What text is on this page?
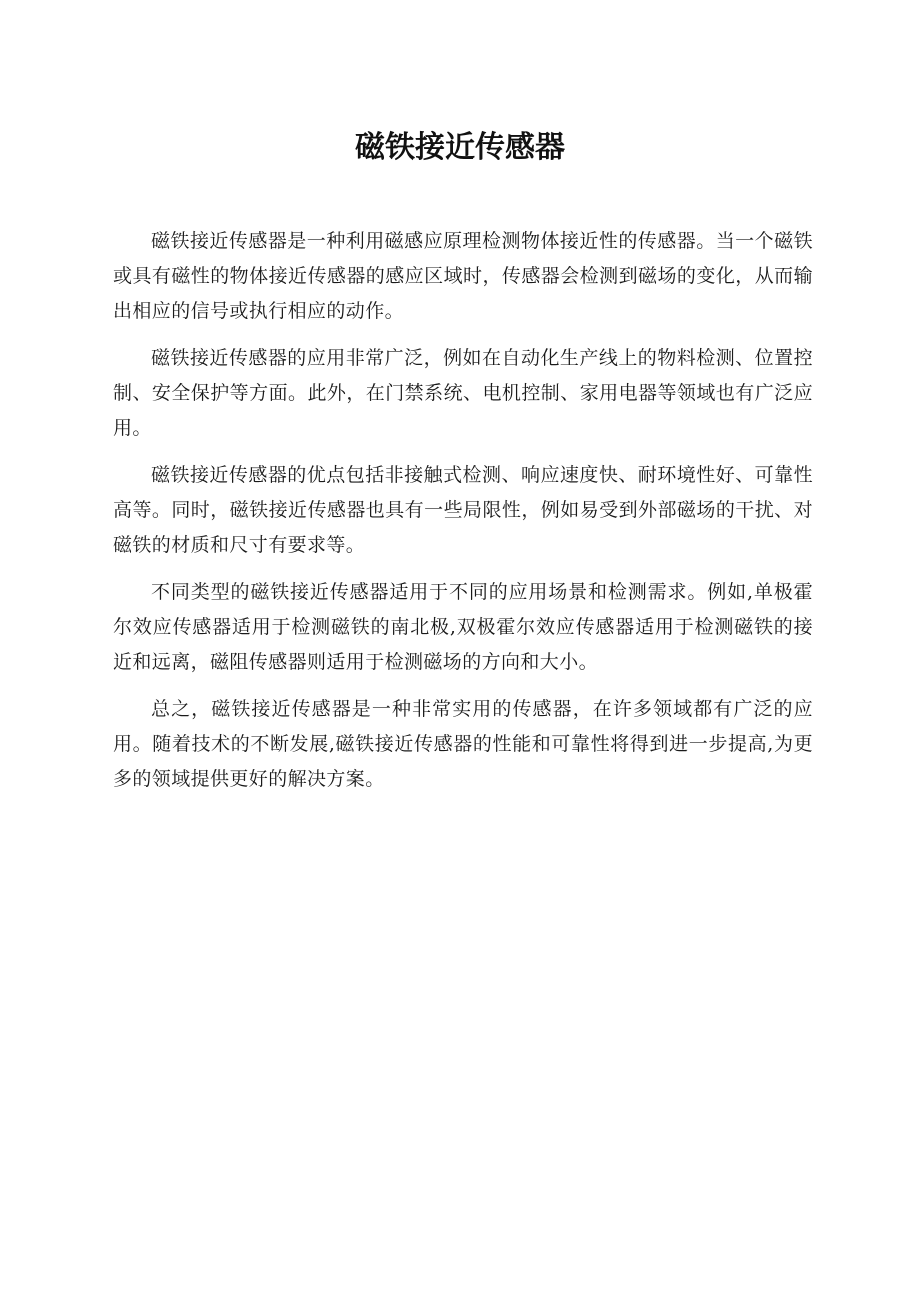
磁铁接近传感器

磁铁接近传感器是一种利用磁感应原理检测物体接近性的传感器。当一个磁铁或具有磁性的物体接近传感器的感应区域时，传感器会检测到磁场的变化，从而输出相应的信号或执行相应的动作。

磁铁接近传感器的应用非常广泛，例如在自动化生产线上的物料检测、位置控制、安全保护等方面。此外，在门禁系统、电机控制、家用电器等领域也有广泛应用。

磁铁接近传感器的优点包括非接触式检测、响应速度快、耐环境性好、可靠性高等。同时，磁铁接近传感器也具有一些局限性，例如易受到外部磁场的干扰、对磁铁的材质和尺寸有要求等。

不同类型的磁铁接近传感器适用于不同的应用场景和检测需求。例如,单极霍尔效应传感器适用于检测磁铁的南北极,双极霍尔效应传感器适用于检测磁铁的接近和远离，磁阻传感器则适用于检测磁场的方向和大小。

总之，磁铁接近传感器是一种非常实用的传感器，在许多领域都有广泛的应用。随着技术的不断发展,磁铁接近传感器的性能和可靠性将得到进一步提高,为更多的领域提供更好的解决方案。
